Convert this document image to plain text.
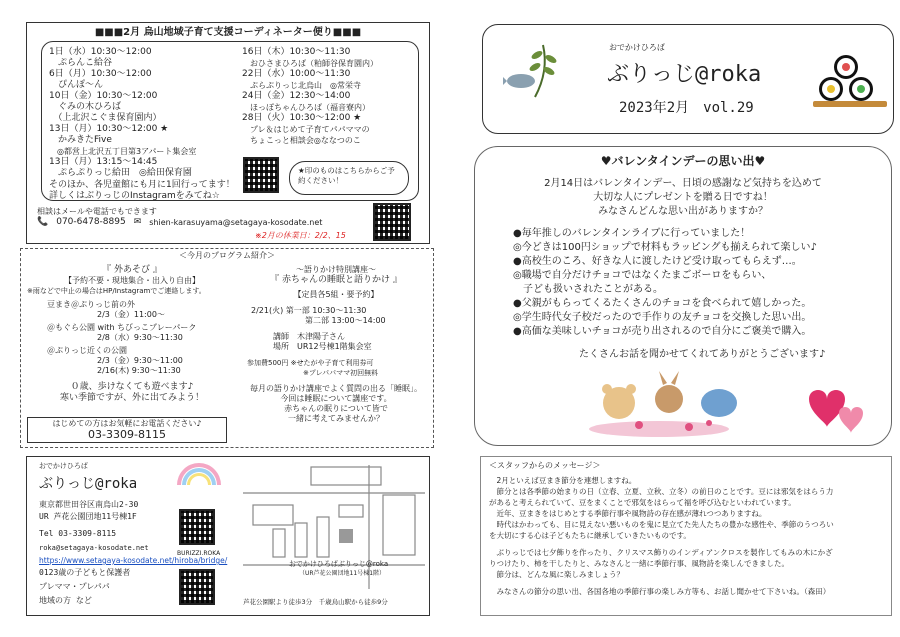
■■■2月 烏山地域子育て支援コーディネーター便り■■■
1日（水）10:30～12:00
　ぷらんこ給谷
6日（月）10:30～12:00
　ぴんぽ〜ん
10日（金）10:30～12:00
　ぐみの木ひろば
　（上北沢こぐま保育園内）
13日（月）10:30～12:00 ★
　かみきたFive
　◎都営上北沢五丁目第3アパート集会室
13日（月）13:15～14:45
　ぷらぷりっじ給田　◎給田保育園
そのほか、各児童館にも月に1回行ってます！
詳しくはぶりっじのInstagramをみてね☆
16日（木）10:30～11:30
　おひさまひろば（粕師谷保育園内）
22日（水）10:00～11:30
　ぷらぷりっじ北烏山　◎常栄寺
24日（金）12:30～14:00
　ほっぽちゃんひろば（福音寮内）
28日（火）10:30～12:00 ★
　プレ＆はじめて子育てパパママの
　ちょこっと相談会◎ななつのこ
★印のものはこちらからご予約ください！
相談はメールや電話でもできます
📞 070-6478-8895 ✉ shien-karasuyama@setagaya-kosodate.net
※2月の休業日：2/2、15
＜今月のプログラム紹介＞
『 外あそび 』
【予約不要・現地集合・出入り自由】
※雨などで中止の場合はHP/Instagramでご連絡します。
豆まき＠ぷりっじ前の外
2/3（金）11:00～
＠もぐら公園 with ちびっこプレーパーク
2/8（水）9:30～11:30
＠ぷりっじ近くの公園
2/3（金）9:30～11:00
2/16(木) 9:30～11:30
０歳、歩けなくても遊べます♪
寒い季節ですが、外に出てみよう！
はじめての方はお気軽にお電話ください♪
03-3309-8115
〜語りかけ特別講座〜
『 赤ちゃんの睡眠と語りかけ 』
【定員各5組・要予約】
2/21(火) 第一部 10:30～11:30
第二部 13:00～14:00
講師　木津陽子さん
場所　UR12号棟1階集会室
参加費500円 ※せたがや子育て利用券可
※プレパパママ初回無料
毎月の語りかけ講座でよく質問の出る「睡眠」。
今回は睡眠について講座です。
赤ちゃんの眠りについて皆で
一緒に考えてみませんか？
おでかけひろば
ぶりっじ@roka
東京都世田谷区南烏山2-30
UR 芦花公園団地11号棟1F
Tel 03-3309-8115
roka@setagaya-kosodate.net
https://www.setagaya-kosodate.net/hiroba/bridge/
0123歳の子どもと保護者
プレママ・プレパパ
地域の方 など
BURIZZI.ROKA
おでかけひろばぶりっじ@roka
（UR芦花公園団地11号棟1階）
芦花公園駅より徒歩3分　千歳烏山駅から徒歩9分
おでかけひろば
ぶりっじ@roka
2023年2月　vol.29
♥バレンタインデーの思い出♥
2月14日はバレンタインデー、日頃の感謝など気持ちを込めて
大切な人にプレゼントを贈る日ですね！
みなさんどんな思い出がありますか？
●毎年推しのバレンタインライブに行っていました！
◎今どきは100円ショップで材料もラッピングも揃えられて楽しい♪
●高校生のころ、好きな人に渡したけど受け取ってもらえず…。
◎職場で自分だけチョコではなくたまごボーロをもらい、
　子ども扱いされたことがある。
●父親がもらってくるたくさんのチョコを食べられて嬉しかった。
◎学生時代女子校だったので手作りの友チョコを交換した思い出。
●高価な美味しいチョコが売り出されるので自分にご褒美で購入。
たくさんお話を聞かせてくれてありがとうございます♪
＜スタッフからのメッセージ＞
　2月といえば豆まき節分を連想しますね。
　節分とは各季節の始まりの日（立春、立夏、立秋、立冬）の前日のことです。豆には邪気をはらう力
があると考えられていて、豆をまくことで邪気をはらって福を呼び込むといわれています。
　近年、豆まきをはじめとする季節行事や風物詩の存在感が薄れつつありますね。
　時代はかわっても、目に見えない悪いものを鬼に見立てた先人たちの豊かな感性や、季節のうつろい
を大切にする心は子どもたちに継承していきたいものです。
　ぶりっじでは七夕飾りを作ったり、クリスマス飾りのインディアンクロスを製作してもみの木にかざ
りつけたり、柿を干したりと、みなさんと一緒に季節行事、風物詩を楽しんできました。
　節分は、どんな風に楽しみましょう？
　みなさんの節分の思い出、各国各地の季節行事の楽しみ方等も、お話し聞かせて下さいね。（森田）
